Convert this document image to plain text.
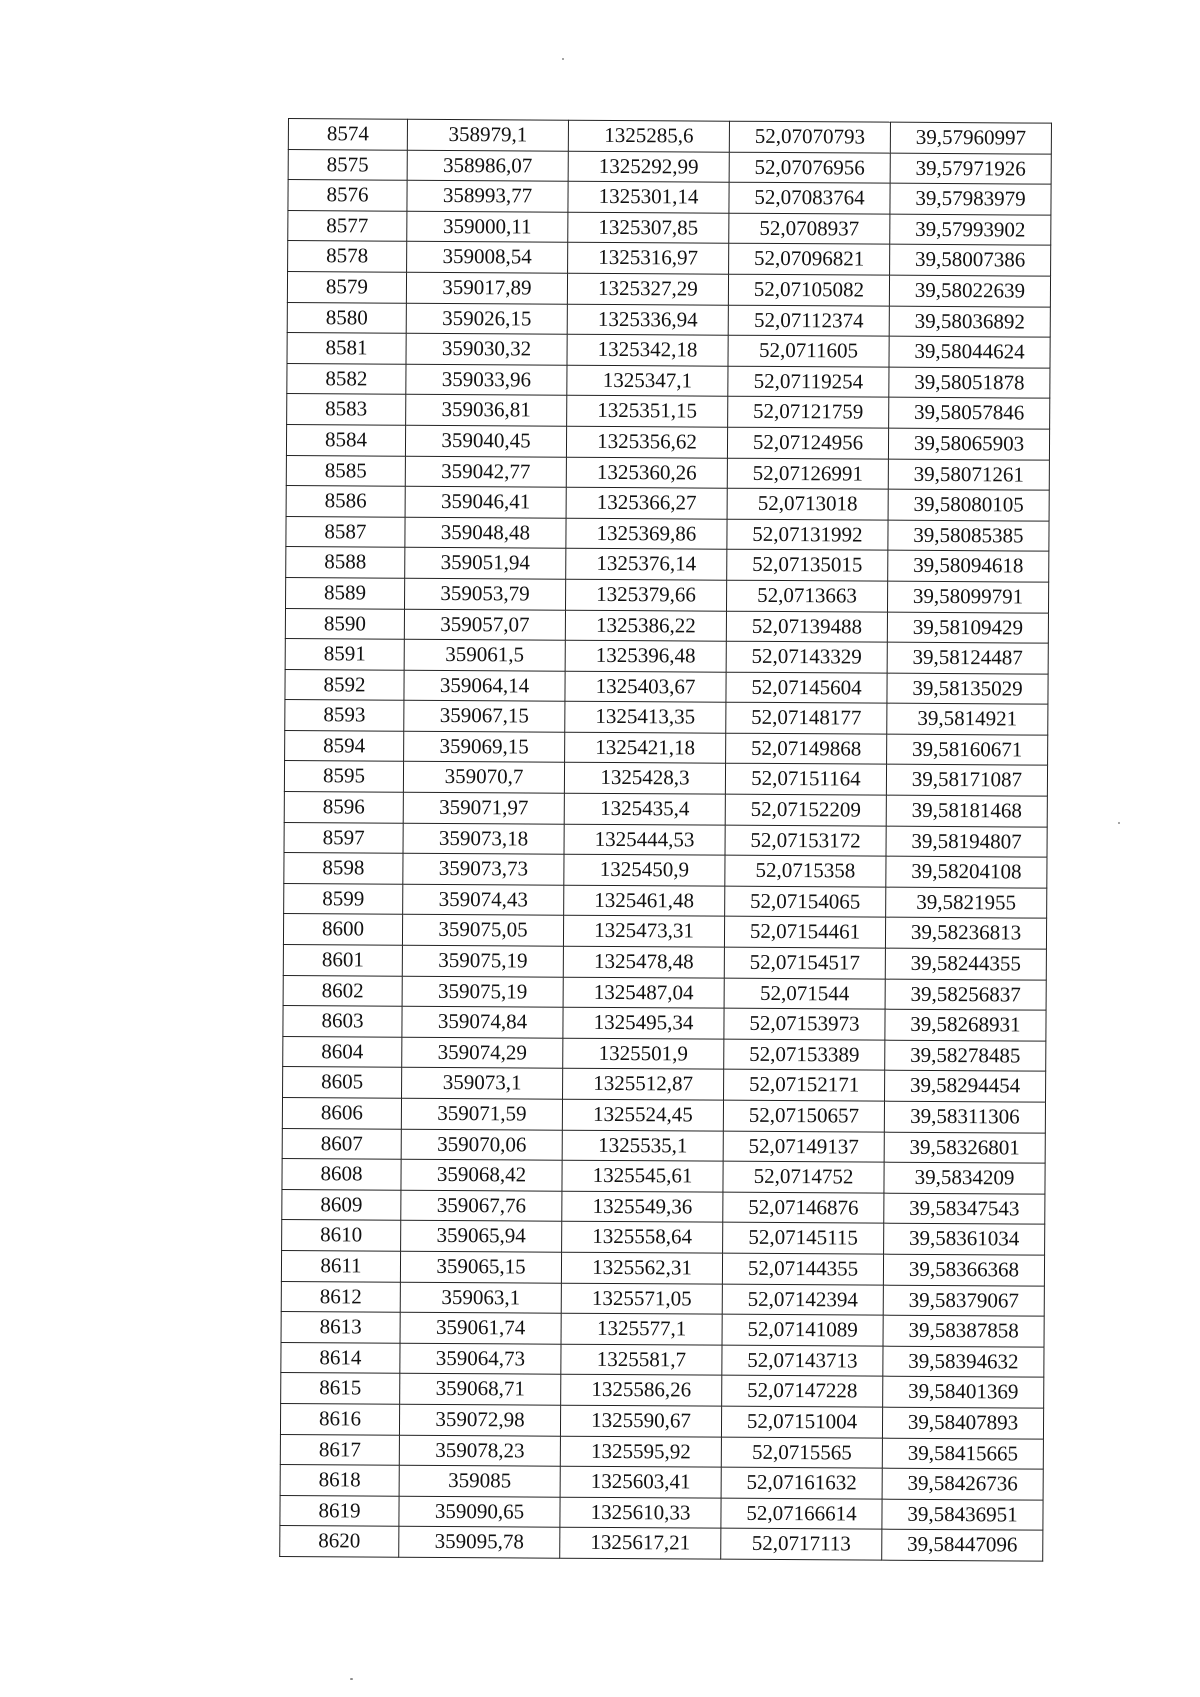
8574	358979,1	1325285,6	52,07070793	39,57960997
8575	358986,07	1325292,99	52,07076956	39,57971926
8576	358993,77	1325301,14	52,07083764	39,57983979
8577	359000,11	1325307,85	52,0708937	39,57993902
8578	359008,54	1325316,97	52,07096821	39,58007386
8579	359017,89	1325327,29	52,07105082	39,58022639
8580	359026,15	1325336,94	52,07112374	39,58036892
8581	359030,32	1325342,18	52,0711605	39,58044624
8582	359033,96	1325347,1	52,07119254	39,58051878
8583	359036,81	1325351,15	52,07121759	39,58057846
8584	359040,45	1325356,62	52,07124956	39,58065903
8585	359042,77	1325360,26	52,07126991	39,58071261
8586	359046,41	1325366,27	52,0713018	39,58080105
8587	359048,48	1325369,86	52,07131992	39,58085385
8588	359051,94	1325376,14	52,07135015	39,58094618
8589	359053,79	1325379,66	52,0713663	39,58099791
8590	359057,07	1325386,22	52,07139488	39,58109429
8591	359061,5	1325396,48	52,07143329	39,58124487
8592	359064,14	1325403,67	52,07145604	39,58135029
8593	359067,15	1325413,35	52,07148177	39,5814921
8594	359069,15	1325421,18	52,07149868	39,58160671
8595	359070,7	1325428,3	52,07151164	39,58171087
8596	359071,97	1325435,4	52,07152209	39,58181468
8597	359073,18	1325444,53	52,07153172	39,58194807
8598	359073,73	1325450,9	52,0715358	39,58204108
8599	359074,43	1325461,48	52,07154065	39,5821955
8600	359075,05	1325473,31	52,07154461	39,58236813
8601	359075,19	1325478,48	52,07154517	39,58244355
8602	359075,19	1325487,04	52,071544	39,58256837
8603	359074,84	1325495,34	52,07153973	39,58268931
8604	359074,29	1325501,9	52,07153389	39,58278485
8605	359073,1	1325512,87	52,07152171	39,58294454
8606	359071,59	1325524,45	52,07150657	39,58311306
8607	359070,06	1325535,1	52,07149137	39,58326801
8608	359068,42	1325545,61	52,0714752	39,5834209
8609	359067,76	1325549,36	52,07146876	39,58347543
8610	359065,94	1325558,64	52,07145115	39,58361034
8611	359065,15	1325562,31	52,07144355	39,58366368
8612	359063,1	1325571,05	52,07142394	39,58379067
8613	359061,74	1325577,1	52,07141089	39,58387858
8614	359064,73	1325581,7	52,07143713	39,58394632
8615	359068,71	1325586,26	52,07147228	39,58401369
8616	359072,98	1325590,67	52,07151004	39,58407893
8617	359078,23	1325595,92	52,0715565	39,58415665
8618	359085	1325603,41	52,07161632	39,58426736
8619	359090,65	1325610,33	52,07166614	39,58436951
8620	359095,78	1325617,21	52,0717113	39,58447096
